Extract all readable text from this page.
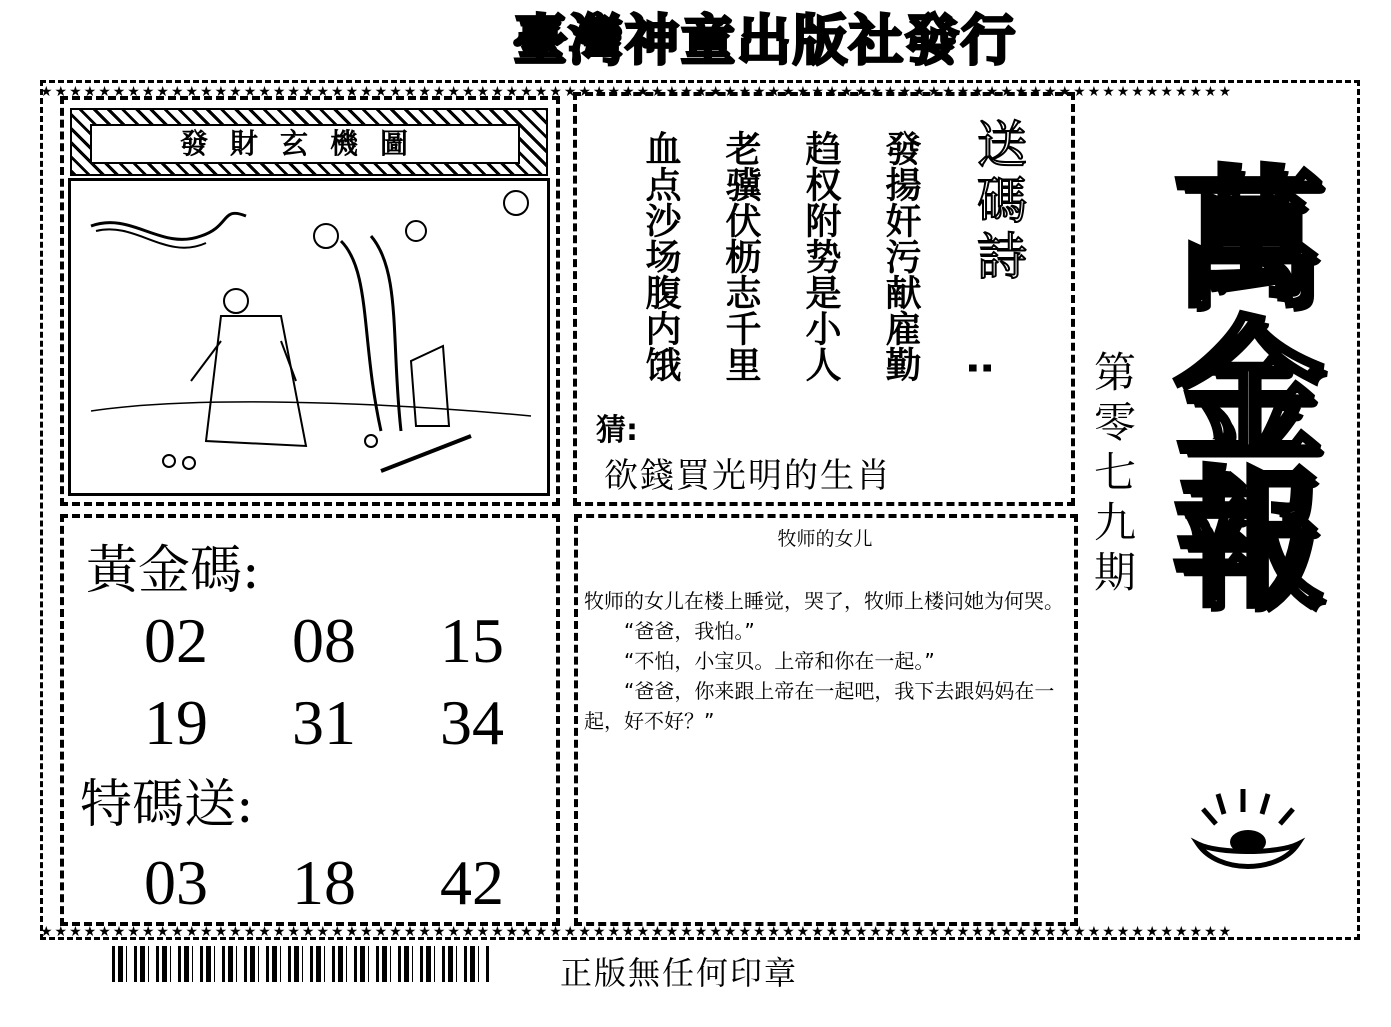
臺灣神童出版社發行
★★★★★★★★★★★★★★★★★★★★★★★★★★★★★★★★★★★★★★★★★★★★★★★★★★★★★★★★★★★★★★★★★★★★★★★★★★★★★★★★★★
★★★★★★★★★★★★★★★★★★★★★★★★★★★★★★★★★★★★★★★★★★★★★★★★★★★★★★★★★★★★★★★★★★★★★★★★★★★★★★★★★★
發財玄機圖	送碼詩
:
發揚奸污献雇勤
趋权附势是小人
老骥伏枥志千里
血点沙场腹内饿
猜:
欲錢買光明的生肖
黃金碼:
02	08	15
19	31	34
特碼送:
03	18	42
牧师的女儿
牧师的女儿在楼上睡觉，哭了，牧师上楼问她为何哭。
　　“爸爸，我怕。”
　　“不怕，小宝贝。上帝和你在一起。”
　　“爸爸，你来跟上帝在一起吧，我下去跟妈妈在一起，好不好？”
萬金報
第零七九期
正版無任何印章
